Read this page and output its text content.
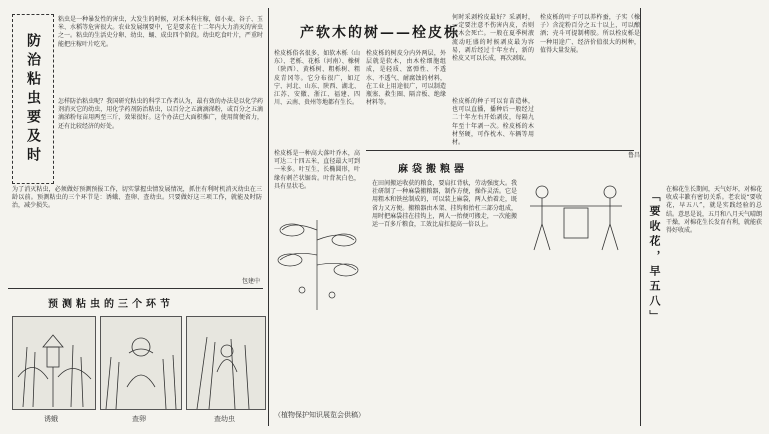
防治粘虫要及时
粘虫是一种暴发性的害虫，大发生的时候，对禾本科庄稼，如小麦、谷子、玉米、水稻等危害很大。农业发展纲要中，它是要求在十二年内大力消灭的害虫之一。粘虫的生活史分卵、幼虫、蛹、成虫四个阶段。幼虫吃食叶片，严重时能把庄稼叶片吃光。
怎样防治粘虫呢？我国研究粘虫的科学工作者认为，最有效的办法是以化学药剂消灭它的幼虫，用化学药剂防治粘虫，以百分之五滴滴涕粉，或百分之五滴滴涕粉每亩用两至三斤，效果很好。这个办法已大面积推广，使用简便省力，还有比较经济的好处。
为了消灭粘虫，必须做好预测预报工作，切实掌握虫情发展情况，抓住有利时机消灭幼虫在三龄以前。预测粘虫的三个环节是：诱蛾、查卵、查幼虫。只要做好这三项工作，就能及时防治，减少损失。
包建中
预测粘虫的三个环节
诱蛾	查卵	查幼虫
产软木的树——栓皮栎
栓皮栎俗名很多，如软木栎（山东）、老栎、花栎（河南）、橡树（陕西）、黄栎树、粗栎树、粗皮青冈等。它分布很广，如辽宁、河北、山东、陕西、湖北、江苏、安徽、浙江、福建、四川、云南、贵州等地都有生长。
栓皮栎是一种高大落叶乔木，高可达二十四五米，直径最大可到一米多。叶互生，长椭圆形，叶缘有刺芒状锯齿。叶背灰白色，具有星状毛。
栓皮栎的树皮分内外两层，外层就是软木，由木栓细胞组成，是轻质、富弹性、不透水、不透气、耐腐蚀的材料，在工业上用途很广，可以制造瓶塞、救生圈、隔音板、绝缘材料等。
何时采剥栓皮最好？采剥时，一定要注意不伤害内皮，否则树木会死亡。一般在夏季树液流动旺盛的时候剥皮最为容易，剥后经过十年左右，新的栓皮又可以长成，再次剥取。
栓皮栎的种子可以育苗造林，也可以直播，播种后一般经过二十年左右开始剥皮，每隔九年至十年剥一次。栓皮栎的木材坚硬，可作枕木、车辆等用材。
栓皮栎的叶子可以养柞蚕，子实（橡子）含淀粉百分之五十以上，可以酿酒；壳斗可提制栲胶。所以栓皮栎是一种用途广、经济价值很大的树种，值得大量发展。
鲁昌
麻袋搬粮器
在田间搬运收获的粮食，要肩扛背驮，劳动强度大。我社研制了一种麻袋搬粮器，制作方便，操作灵活。它是用粗木和铁丝制成的，可以装上麻袋，两人抬着走，既省力又方便。搬粮器由木架、挂钩和抬杠三部分组成，用时把麻袋挂在挂钩上，两人一抬便可搬走，一次能搬运一百多斤粮食，工效比肩扛提高一倍以上。
（植物保护知识展览会供稿）
「要收花，早五八」
在棉花生长期间，天气好坏，对棉花收成丰歉有密切关系。老农说“要收花，早五八”，就是实践经验的总结。意思是说，五月和八月天气晴朗干燥，对棉花生长发育有利，就能获得好收成。
